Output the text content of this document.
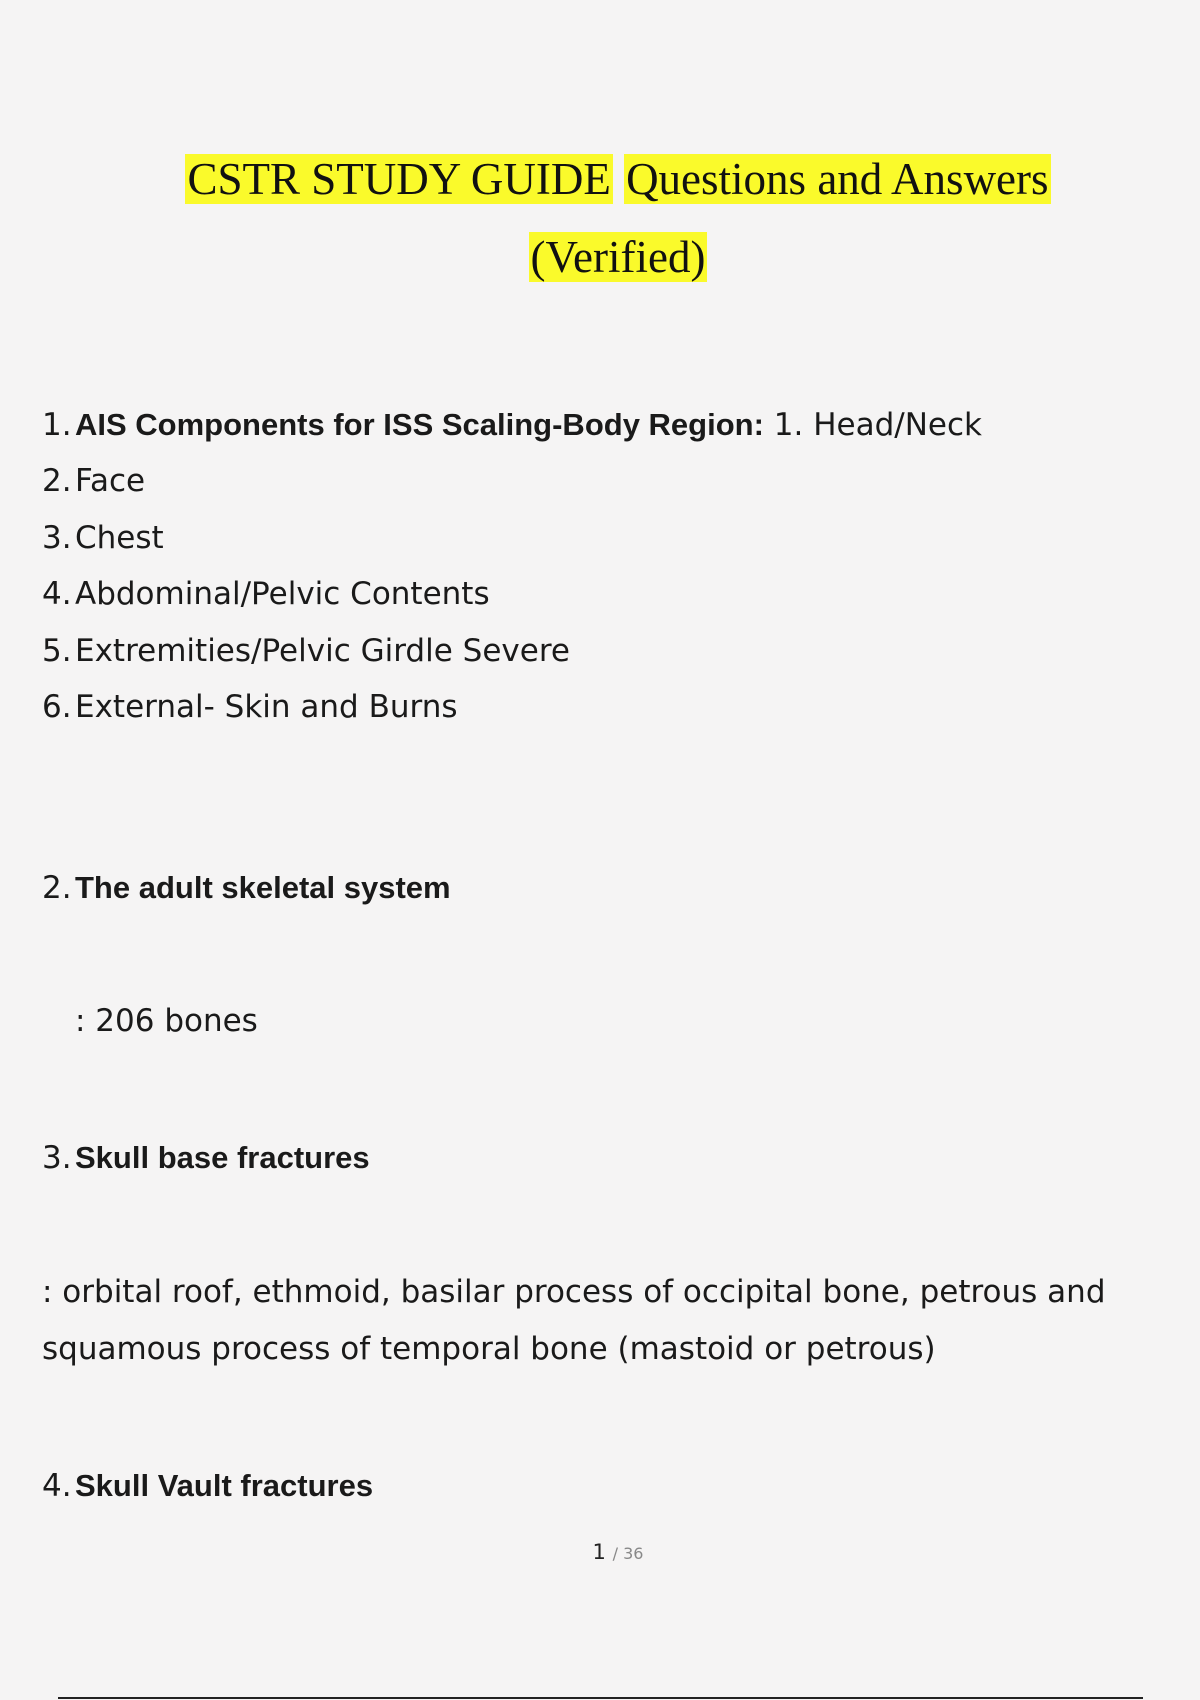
CSTR STUDY GUIDE Questions and Answers
(Verified)
1. AIS Components for ISS Scaling-Body Region: 1. Head/Neck
2. Face
3. Chest
4. Abdominal/Pelvic Contents
5. Extremities/Pelvic Girdle Severe
6. External- Skin and Burns
2. The adult skeletal system
: 206 bones
3. Skull base fractures
: orbital roof, ethmoid, basilar process of occipital bone, petrous and squamous process of temporal bone (mastoid or petrous)
4. Skull Vault fractures
1 / 36
